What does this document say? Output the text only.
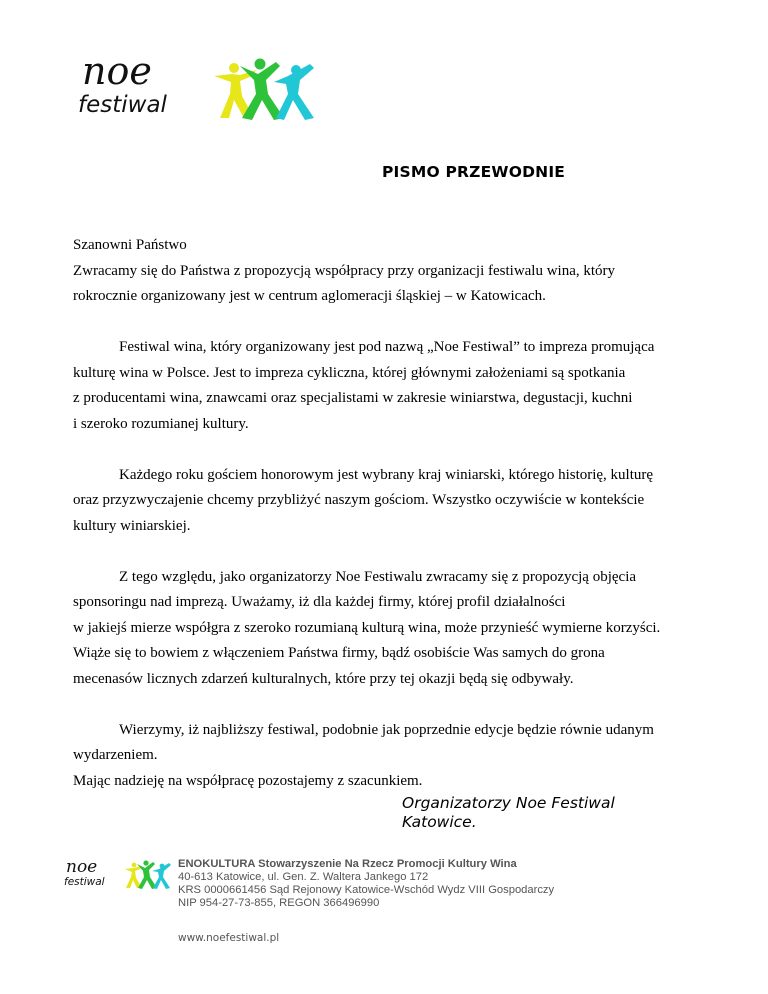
noe
festiwal
PISMO PRZEWODNIE
Szanowni Państwo

Zwracamy się do Państwa z propozycją współpracy przy organizacji festiwalu wina, który
rokrocznie organizowany jest w centrum aglomeracji śląskiej – w Katowicach.

Festiwal wina, który organizowany jest pod nazwą „Noe Festiwal” to impreza promująca
kulturę wina w Polsce. Jest to impreza cykliczna, której głównymi założeniami są spotkania
z producentami wina, znawcami oraz specjalistami w zakresie winiarstwa, degustacji, kuchni
i szeroko rozumianej kultury.

Każdego roku gościem honorowym jest wybrany kraj winiarski, którego historię, kulturę
oraz przyzwyczajenie chcemy przybliżyć naszym gościom. Wszystko oczywiście w kontekście
kultury winiarskiej.

Z tego względu, jako organizatorzy Noe Festiwalu zwracamy się z propozycją objęcia
sponsoringu nad imprezą. Uważamy, iż dla każdej firmy, której profil działalności
w jakiejś mierze współgra z szeroko rozumianą kulturą wina, może przynieść wymierne korzyści.
Wiąże się to bowiem z włączeniem Państwa firmy, bądź osobiście Was samych do grona
mecenasów licznych zdarzeń kulturalnych, które przy tej okazji będą się odbywały.

Wierzymy, iż najbliższy festiwal, podobnie jak poprzednie edycje będzie równie udanym
wydarzeniem.
Mając nadzieję na współpracę pozostajemy z szacunkiem.

Organizatorzy Noe Festiwal
Katowice.
noe
festiwal
ENOKULTURA Stowarzyszenie Na Rzecz Promocji Kultury Wina
40-613 Katowice, ul. Gen. Z. Waltera Jankego 172
KRS 0000661456 Sąd Rejonowy Katowice-Wschód Wydz VIII Gospodarczy
NIP 954-27-73-855, REGON 366496990
www.noefestiwal.pl
